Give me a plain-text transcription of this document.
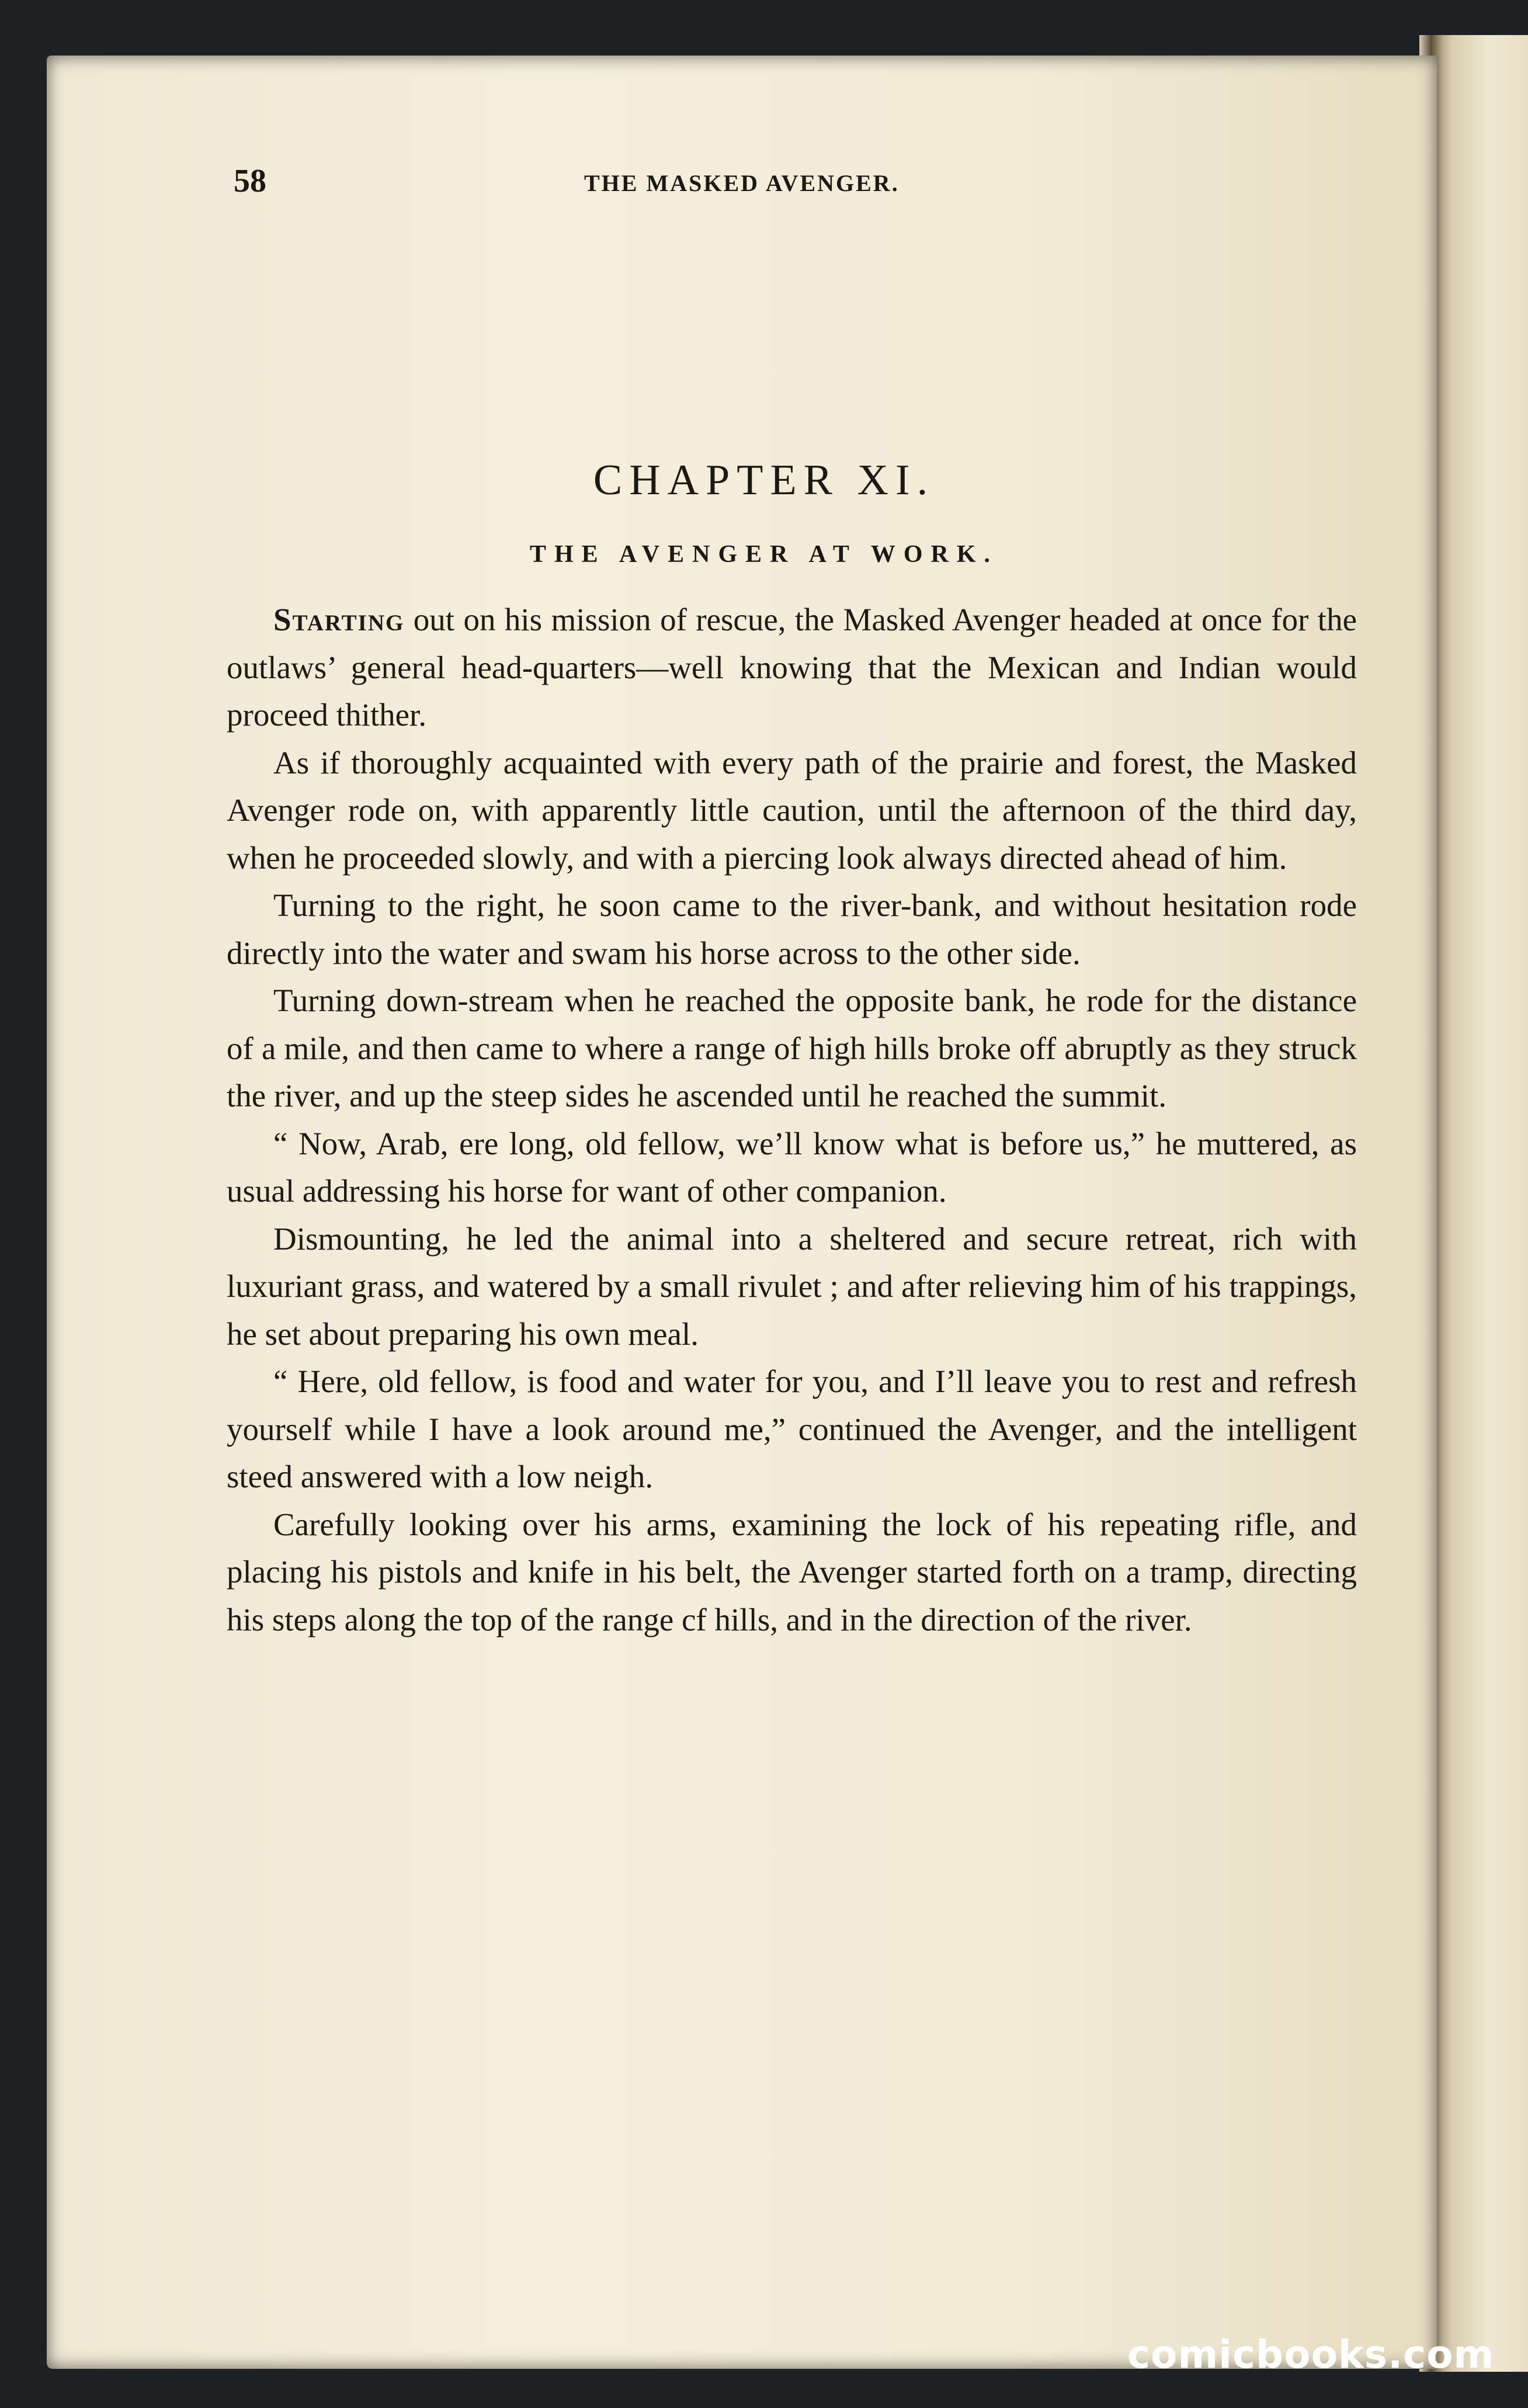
58	THE MASKED AVENGER.
CHAPTER XI.
THE AVENGER AT WORK.

Starting out on his mission of rescue, the Masked Avenger headed at once for the outlaws’ general head-quarters—well knowing that the Mexican and Indian would proceed thither.

As if thoroughly acquainted with every path of the prairie and forest, the Masked Avenger rode on, with apparently little caution, until the afternoon of the third day, when he proceeded slowly, and with a piercing look always directed ahead of him.

Turning to the right, he soon came to the river-bank, and without hesitation rode directly into the water and swam his horse across to the other side.

Turning down-stream when he reached the opposite bank, he rode for the distance of a mile, and then came to where a range of high hills broke off abruptly as they struck the river, and up the steep sides he ascended until he reached the summit.

“ Now, Arab, ere long, old fellow, we’ll know what is before us,” he muttered, as usual addressing his horse for want of other companion.

Dismounting, he led the animal into a sheltered and secure retreat, rich with luxuriant grass, and watered by a small rivulet ; and after relieving him of his trappings, he set about preparing his own meal.

“ Here, old fellow, is food and water for you, and I’ll leave you to rest and refresh yourself while I have a look around me,” continued the Avenger, and the intelligent steed answered with a low neigh.

Carefully looking over his arms, examining the lock of his repeating rifle, and placing his pistols and knife in his belt, the Avenger started forth on a tramp, directing his steps along the top of the range cf hills, and in the direction of the river.

comicbooks.com
